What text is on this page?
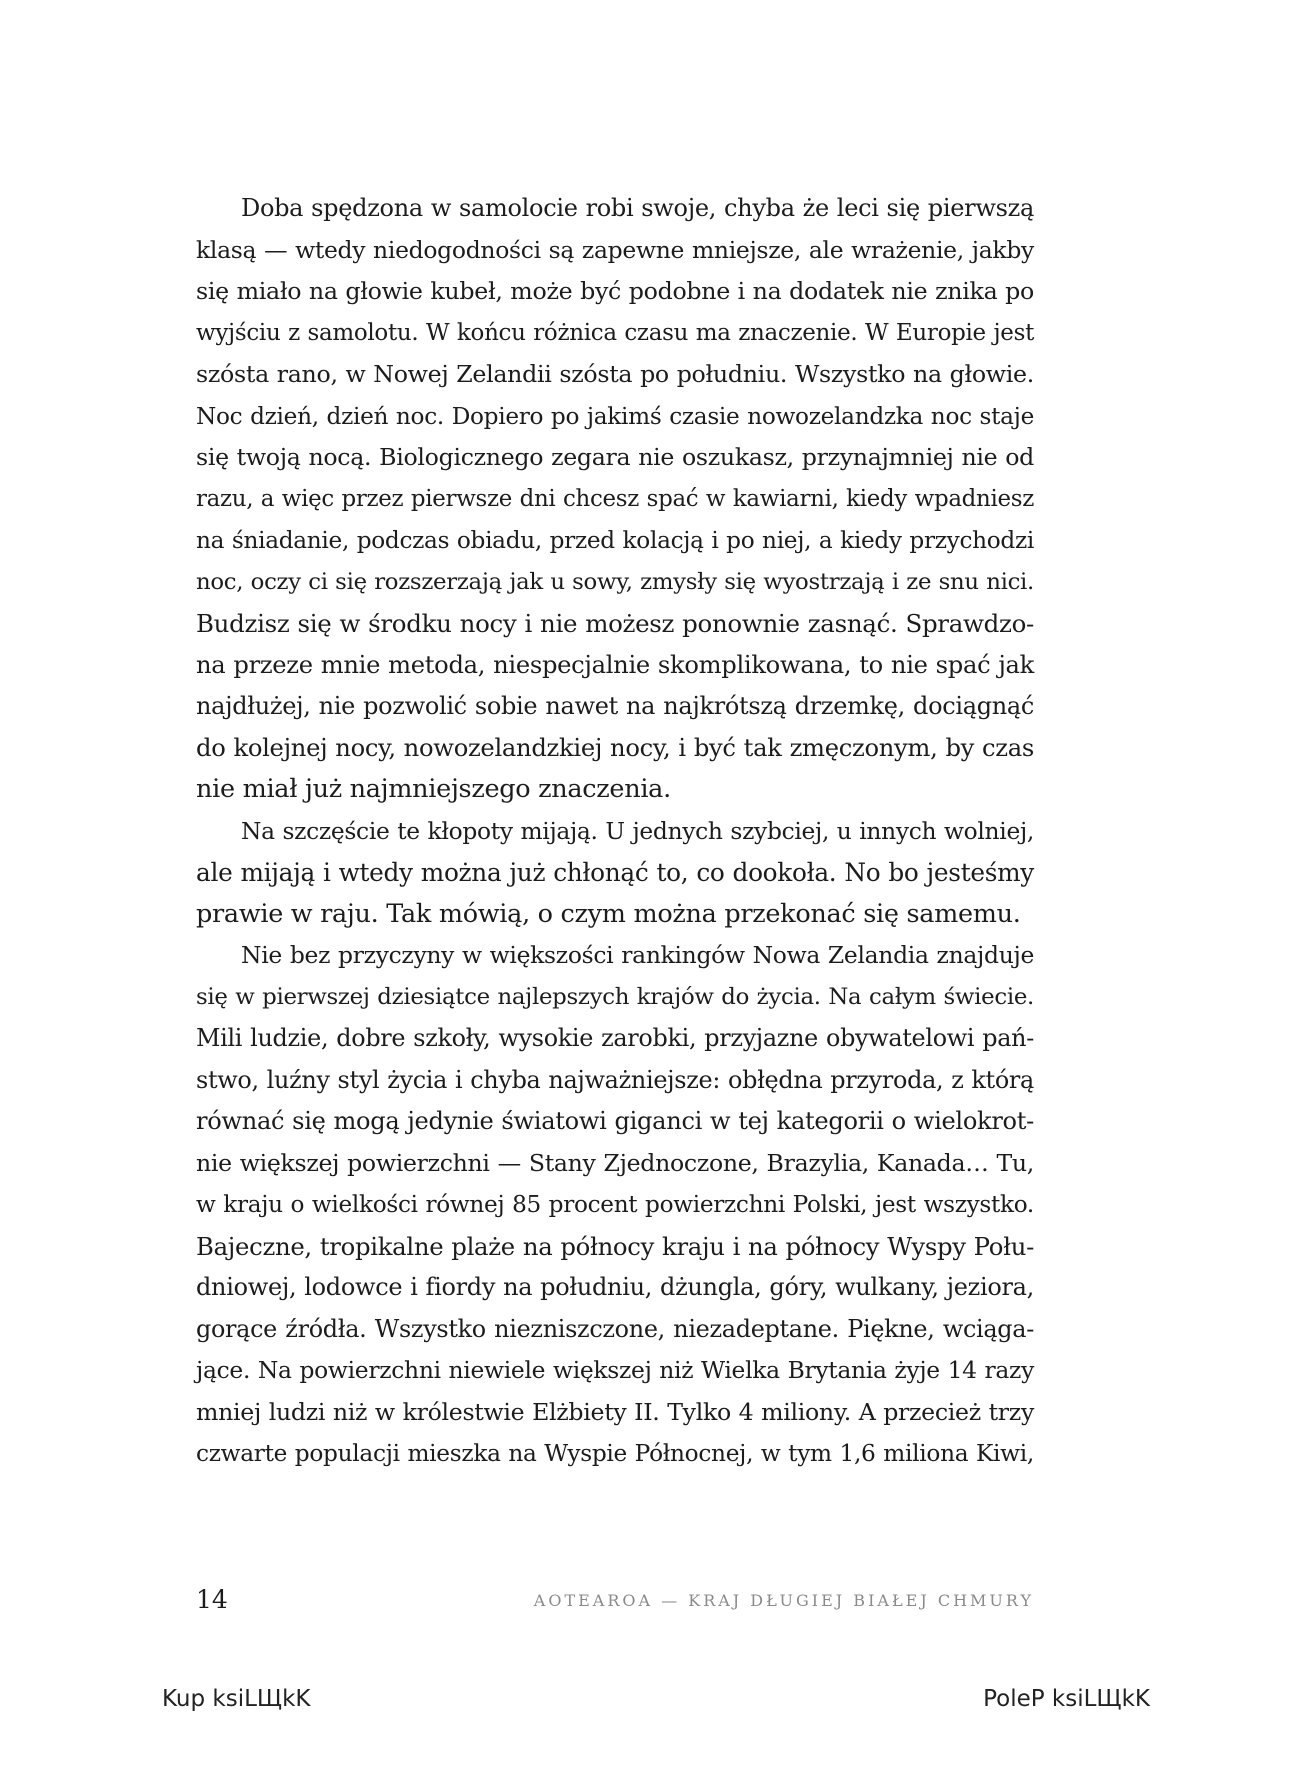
Doba spędzona w samolocie robi swoje, chyba że leci się pierwszą
klasą — wtedy niedogodności są zapewne mniejsze, ale wrażenie, jakby
się miało na głowie kubeł, może być podobne i na dodatek nie znika po
wyjściu z samolotu. W końcu różnica czasu ma znaczenie. W Europie jest
szósta rano, w Nowej Zelandii szósta po południu. Wszystko na głowie.
Noc dzień, dzień noc. Dopiero po jakimś czasie nowozelandzka noc staje
się twoją nocą. Biologicznego zegara nie oszukasz, przynajmniej nie od
razu, a więc przez pierwsze dni chcesz spać w kawiarni, kiedy wpadniesz
na śniadanie, podczas obiadu, przed kolacją i po niej, a kiedy przychodzi
noc, oczy ci się rozszerzają jak u sowy, zmysły się wyostrzają i ze snu nici.
Budzisz się w środku nocy i nie możesz ponownie zasnąć. Sprawdzo-
na przeze mnie metoda, niespecjalnie skomplikowana, to nie spać jak
najdłużej, nie pozwolić sobie nawet na najkrótszą drzemkę, dociągnąć
do kolejnej nocy, nowozelandzkiej nocy, i być tak zmęczonym, by czas
nie miał już najmniejszego znaczenia.
Na szczęście te kłopoty mijają. U jednych szybciej, u innych wolniej,
ale mijają i wtedy można już chłonąć to, co dookoła. No bo jesteśmy
prawie w raju. Tak mówią, o czym można przekonać się samemu.
Nie bez przyczyny w większości rankingów Nowa Zelandia znajduje
się w pierwszej dziesiątce najlepszych krajów do życia. Na całym świecie.
Mili ludzie, dobre szkoły, wysokie zarobki, przyjazne obywatelowi pań-
stwo, luźny styl życia i chyba najważniejsze: obłędna przyroda, z którą
równać się mogą jedynie światowi giganci w tej kategorii o wielokrot-
nie większej powierzchni — Stany Zjednoczone, Brazylia, Kanada… Tu,
w kraju o wielkości równej 85 procent powierzchni Polski, jest wszystko.
Bajeczne, tropikalne plaże na północy kraju i na północy Wyspy Połu-
dniowej, lodowce i fiordy na południu, dżungla, góry, wulkany, jeziora,
gorące źródła. Wszystko niezniszczone, niezadeptane. Piękne, wciąga-
jące. Na powierzchni niewiele większej niż Wielka Brytania żyje 14 razy
mniej ludzi niż w królestwie Elżbiety II. Tylko 4 miliony. A przecież trzy
czwarte populacji mieszka na Wyspie Północnej, w tym 1,6 miliona Kiwi,
14	AOTEAROA — KRAJ DŁUGIEJ BIAŁEJ CHMURY
Kup ksiLЩkK	PoleP ksiLЩkK
